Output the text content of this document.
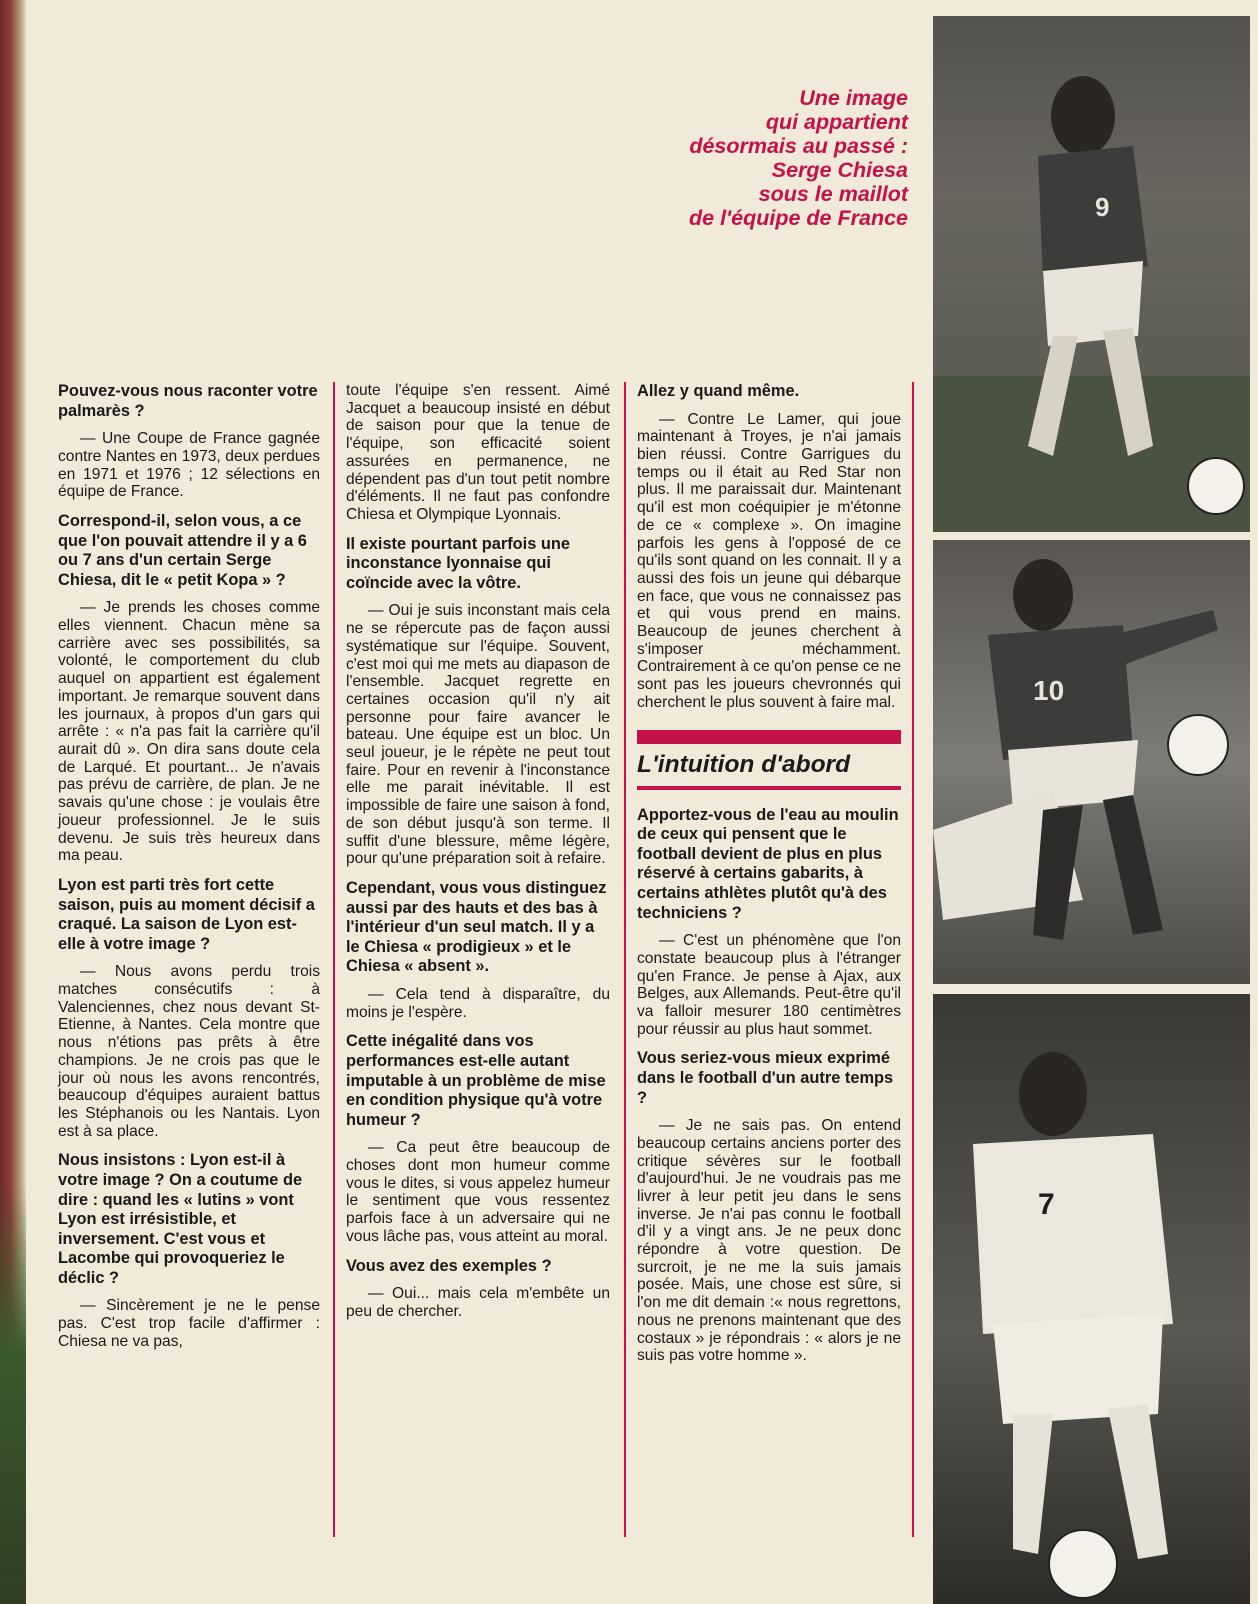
9
10
7
Une image
qui appartient
désormais au passé :
Serge Chiesa
sous le maillot
de l'équipe de France

Pouvez-vous nous raconter votre palmarès ?

— Une Coupe de France gagnée contre Nantes en 1973, deux perdues en 1971 et 1976 ; 12 sélections en équipe de France.

Correspond-il, selon vous, a ce que l'on pouvait attendre il y a 6 ou 7 ans d'un certain Serge Chiesa, dit le « petit Kopa » ?

— Je prends les choses comme elles viennent. Chacun mène sa carrière avec ses possibilités, sa volonté, le comportement du club auquel on appartient est également important. Je remarque souvent dans les journaux, à propos d'un gars qui arrête : « n'a pas fait la carrière qu'il aurait dû ». On dira sans doute cela de Larqué. Et pourtant... Je n'avais pas prévu de carrière, de plan. Je ne savais qu'une chose : je voulais être joueur professionnel. Je le suis devenu. Je suis très heureux dans ma peau.

Lyon est parti très fort cette saison, puis au moment décisif a craqué. La saison de Lyon est-elle à votre image ?

— Nous avons perdu trois matches consécutifs : à Valenciennes, chez nous devant St-Etienne, à Nantes. Cela montre que nous n'étions pas prêts à être champions. Je ne crois pas que le jour où nous les avons rencontrés, beaucoup d'équipes auraient battus les Stéphanois ou les Nantais. Lyon est à sa place.

Nous insistons : Lyon est-il à votre image ? On a coutume de dire : quand les « lutins » vont Lyon est irrésistible, et inversement. C'est vous et Lacombe qui provoqueriez le déclic ?

— Sincèrement je ne le pense pas. C'est trop facile d'affirmer : Chiesa ne va pas,

toute l'équipe s'en ressent. Aimé Jacquet a beaucoup insisté en début de saison pour que la tenue de l'équipe, son efficacité soient assurées en permanence, ne dépendent pas d'un tout petit nombre d'éléments. Il ne faut pas confondre Chiesa et Olympique Lyonnais.

Il existe pourtant parfois une inconstance lyonnaise qui coïncide avec la vôtre.

— Oui je suis inconstant mais cela ne se répercute pas de façon aussi systématique sur l'équipe. Souvent, c'est moi qui me mets au diapason de l'ensemble. Jacquet regrette en certaines occasion qu'il n'y ait personne pour faire avancer le bateau. Une équipe est un bloc. Un seul joueur, je le répète ne peut tout faire. Pour en revenir à l'inconstance elle me parait inévitable. Il est impossible de faire une saison à fond, de son début jusqu'à son terme. Il suffit d'une blessure, même légère, pour qu'une préparation soit à refaire.

Cependant, vous vous distinguez aussi par des hauts et des bas à l'intérieur d'un seul match. Il y a le Chiesa « prodigieux » et le Chiesa « absent ».

— Cela tend à disparaître, du moins je l'espère.

Cette inégalité dans vos performances est-elle autant imputable à un problème de mise en condition physique qu'à votre humeur ?

— Ca peut être beaucoup de choses dont mon humeur comme vous le dites, si vous appelez humeur le sentiment que vous ressentez parfois face à un adversaire qui ne vous lâche pas, vous atteint au moral.

Vous avez des exemples ?

— Oui... mais cela m'embête un peu de chercher.

Allez y quand même.

— Contre Le Lamer, qui joue maintenant à Troyes, je n'ai jamais bien réussi. Contre Garrigues du temps ou il était au Red Star non plus. Il me paraissait dur. Maintenant qu'il est mon coéquipier je m'étonne de ce « complexe ». On imagine parfois les gens à l'opposé de ce qu'ils sont quand on les connait. Il y a aussi des fois un jeune qui débarque en face, que vous ne connaissez pas et qui vous prend en mains. Beaucoup de jeunes cherchent à s'imposer méchamment. Contrairement à ce qu'on pense ce ne sont pas les joueurs chevronnés qui cherchent le plus souvent à faire mal.

L'intuition d'abord

Apportez-vous de l'eau au moulin de ceux qui pensent que le football devient de plus en plus réservé à certains gabarits, à certains athlètes plutôt qu'à des techniciens ?

— C'est un phénomène que l'on constate beaucoup plus à l'étranger qu'en France. Je pense à Ajax, aux Belges, aux Allemands. Peut-être qu'il va falloir mesurer 180 centimètres pour réussir au plus haut sommet.

Vous seriez-vous mieux exprimé dans le football d'un autre temps ?

— Je ne sais pas. On entend beaucoup certains anciens porter des critique sévères sur le football d'aujourd'hui. Je ne voudrais pas me livrer à leur petit jeu dans le sens inverse. Je n'ai pas connu le football d'il y a vingt ans. Je ne peux donc répondre à votre question. De surcroit, je ne me la suis jamais posée. Mais, une chose est sûre, si l'on me dit demain :« nous regrettons, nous ne prenons maintenant que des costaux » je répondrais : « alors je ne suis pas votre homme ».
